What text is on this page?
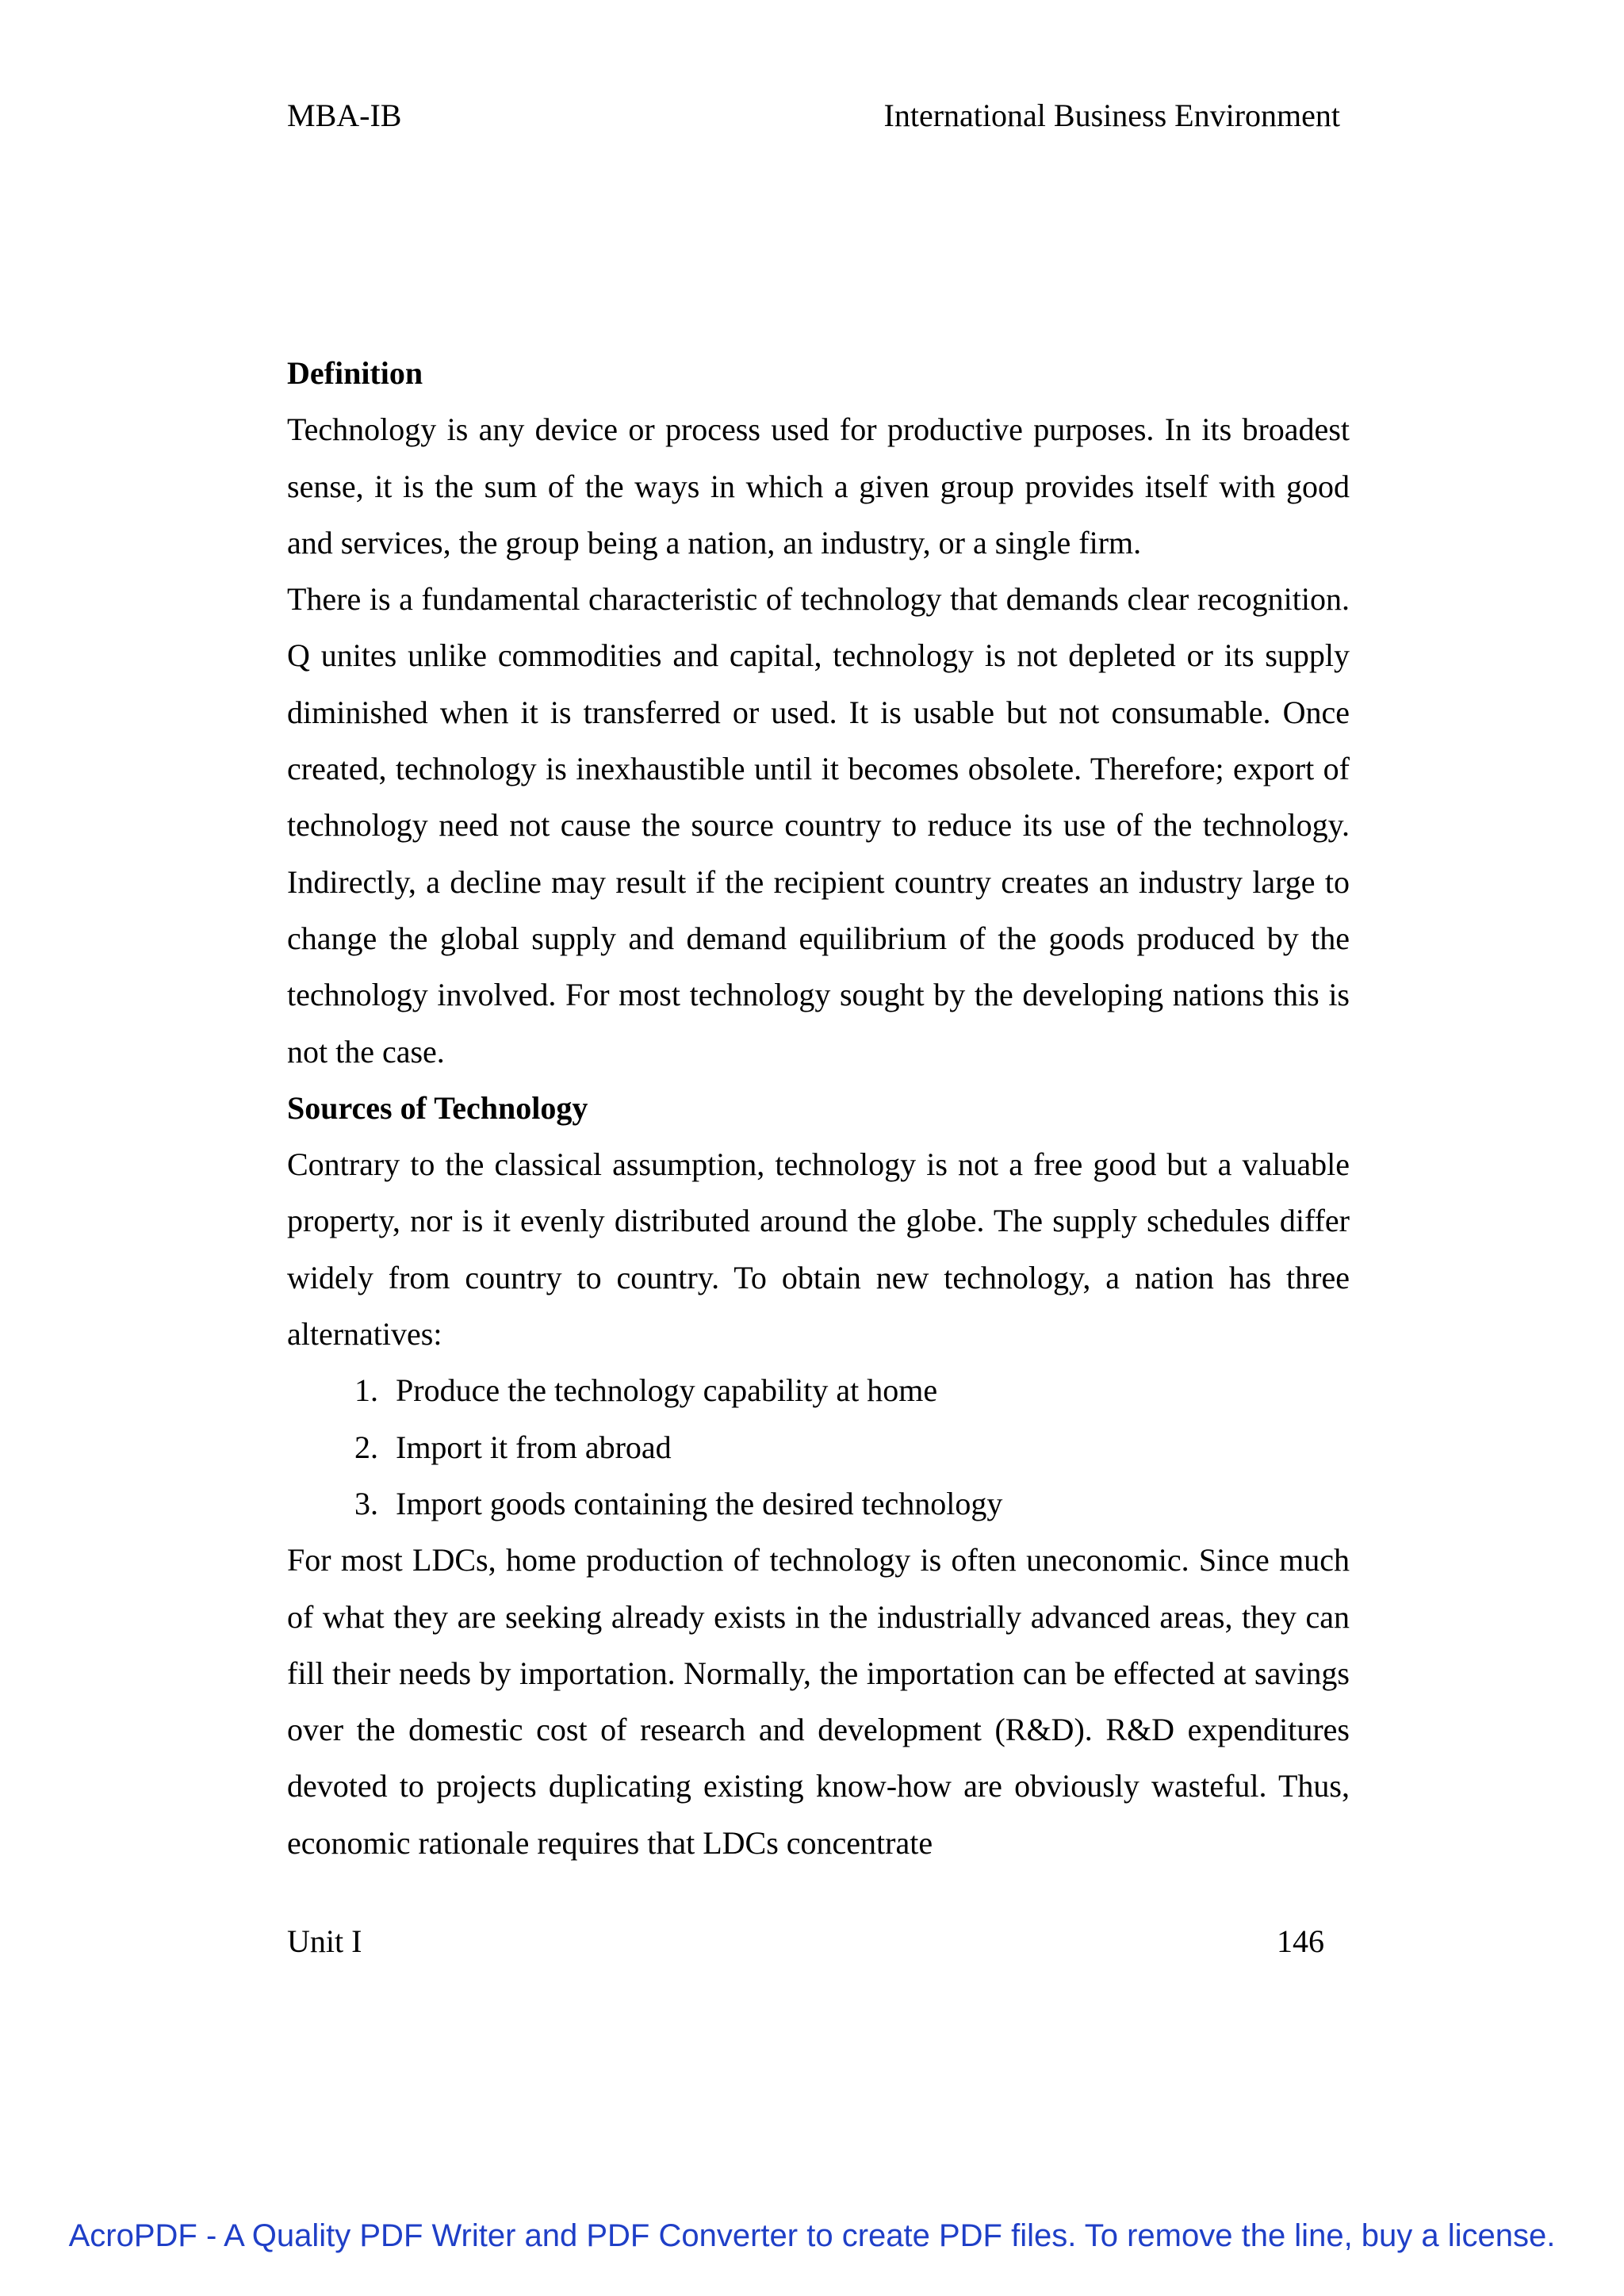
MBA-IB	International Business Environment
Definition

Technology is any device or process used for productive purposes. In its broadest sense, it is the sum of the ways in which a given group provides itself with good and services, the group being a nation, an industry, or a single firm.

There is a fundamental characteristic of technology that demands clear recognition. Q unites unlike commodities and capital, technology is not depleted or its supply diminished when it is transferred or used. It is usable but not consumable. Once created, technology is inexhaustible until it becomes obsolete. Therefore; export of technology need not cause the source country to reduce its use of the technology. Indirectly, a decline may result if the recipient country creates an industry large to change the global supply and demand equilibrium of the goods produced by the technology involved. For most technology sought by the developing nations this is not the case.

Sources of Technology

Contrary to the classical assumption, technology is not a free good but a valuable property, nor is it evenly distributed around the globe. The supply schedules differ widely from country to country. To obtain new technology, a nation has three alternatives:

1. Produce the technology capability at home
2. Import it from abroad
3. Import goods containing the desired technology

For most LDCs, home production of technology is often uneconomic. Since much of what they are seeking already exists in the industrially advanced areas, they can fill their needs by importation. Normally, the importation can be effected at savings over the domestic cost of research and development (R&D). R&D expenditures devoted to projects duplicating existing know-how are obviously wasteful. Thus, economic rationale requires that LDCs concentrate

Unit I	146
AcroPDF - A Quality PDF Writer and PDF Converter to create PDF files. To remove the line, buy a license.
